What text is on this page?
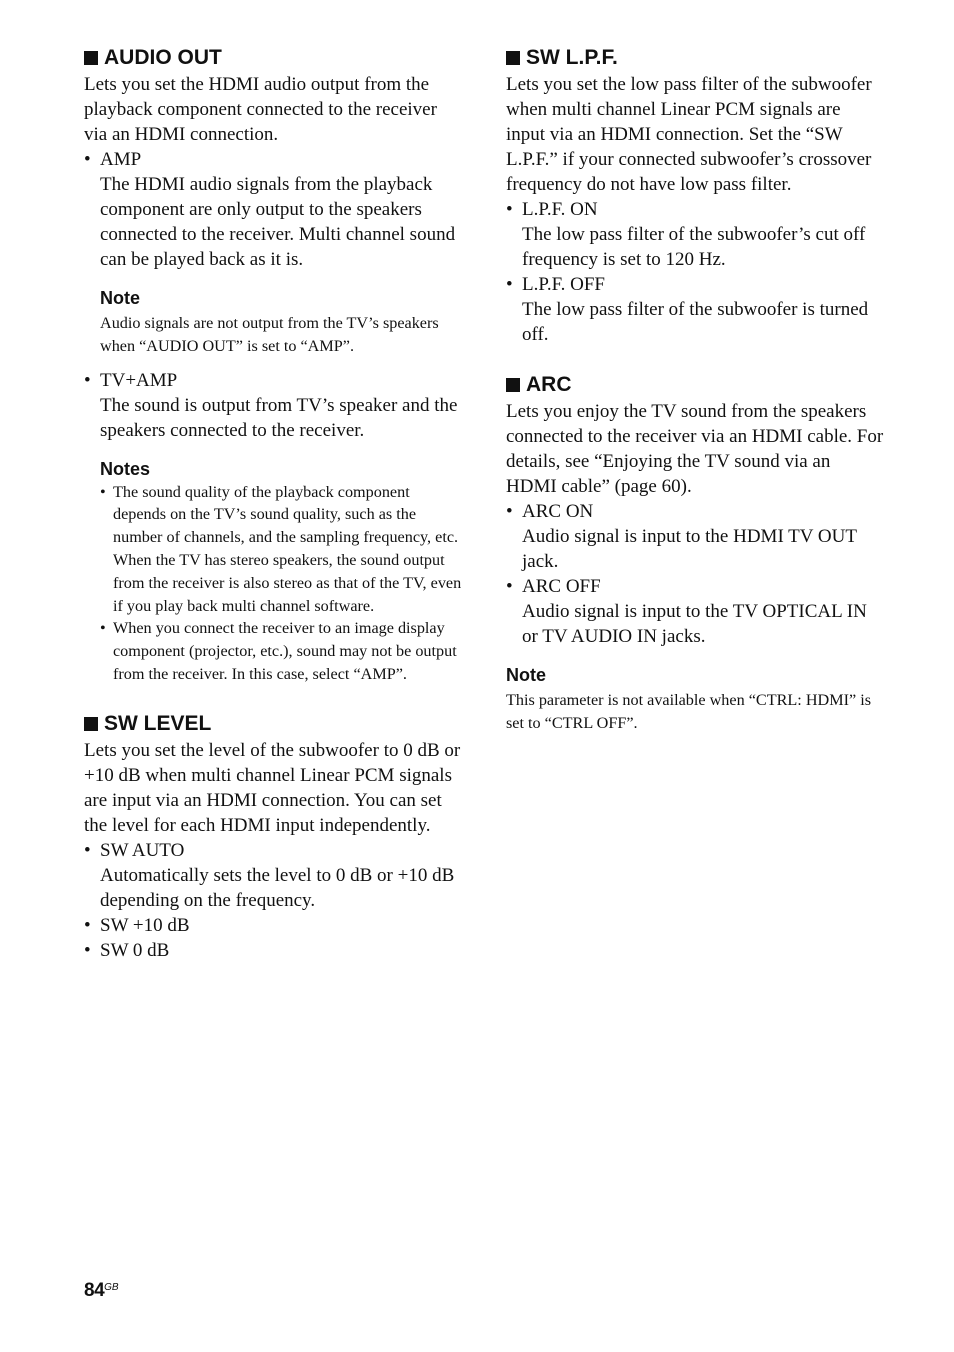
AUDIO OUT

Lets you set the HDMI audio output from the playback component connected to the receiver via an HDMI connection.

• AMP
The HDMI audio signals from the playback component are only output to the speakers connected to the receiver. Multi channel sound can be played back as it is.
Note

Audio signals are not output from the TV’s speakers when “AUDIO OUT” is set to “AMP”.

• TV+AMP
The sound is output from TV’s speaker and the speakers connected to the receiver.
Notes
• The sound quality of the playback component depends on the TV’s sound quality, such as the number of channels, and the sampling frequency, etc. When the TV has stereo speakers, the sound output from the receiver is also stereo as that of the TV, even if you play back multi channel software.
• When you connect the receiver to an image display component (projector, etc.), sound may not be output from the receiver. In this case, select “AMP”.
SW LEVEL

Lets you set the level of the subwoofer to 0 dB or +10 dB when multi channel Linear PCM signals are input via an HDMI connection. You can set the level for each HDMI input independently.

• SW AUTO
Automatically sets the level to 0 dB or +10 dB depending on the frequency.
• SW +10 dB
• SW 0 dB
SW L.P.F.

Lets you set the low pass filter of the subwoofer when multi channel Linear PCM signals are input via an HDMI connection. Set the “SW L.P.F.” if your connected subwoofer’s crossover frequency do not have low pass filter.

• L.P.F. ON
The low pass filter of the subwoofer’s cut off frequency is set to 120 Hz.
• L.P.F. OFF
The low pass filter of the subwoofer is turned off.
ARC

Lets you enjoy the TV sound from the speakers connected to the receiver via an HDMI cable. For details, see “Enjoying the TV sound via an HDMI cable” (page 60).

• ARC ON
Audio signal is input to the HDMI TV OUT jack.
• ARC OFF
Audio signal is input to the TV OPTICAL IN or TV AUDIO IN jacks.
Note

This parameter is not available when “CTRL: HDMI” is set to “CTRL OFF”.

$84^{GB}$
